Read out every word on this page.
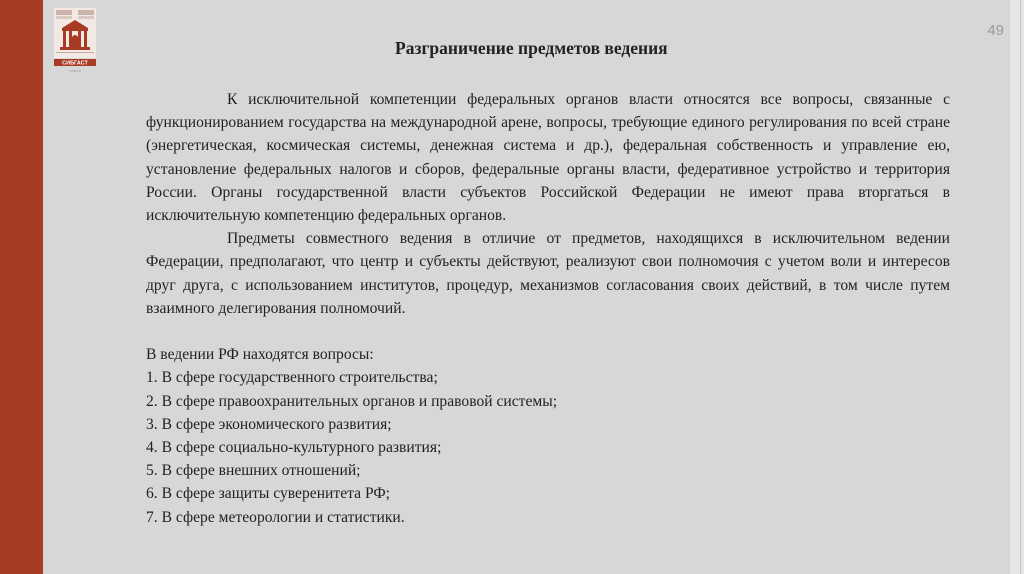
СИБГАСТ
томск
49
Разграничение предметов ведения

К исключительной компетенции федеральных органов власти относятся все вопросы, связанные с функционированием государства на международной арене, вопросы, требующие единого регулирования по всей стране (энергетическая, космическая системы, денежная система и др.), федеральная собственность и управление ею, установление федеральных налогов и сборов, федеральные органы власти, федеративное устройство и территория России. Органы государственной власти субъектов Российской Федерации не имеют права вторгаться в исключительную компетенцию федеральных органов.

Предметы совместного ведения в отличие от предметов, находящихся в исключительном ведении Федерации, предполагают, что центр и субъекты действуют, реализуют свои полномочия с учетом воли и интересов друг друга, с использованием институтов, процедур, механизмов согласования своих действий, в том числе путем взаимного делегирования полномочий.

В ведении РФ находятся вопросы:

1. В сфере государственного строительства;
2. В сфере правоохранительных органов и правовой системы;
3. В сфере экономического развития;
4. В сфере социально-культурного развития;
5. В сфере внешних отношений;
6. В сфере защиты суверенитета РФ;
7. В сфере метеорологии и статистики.
